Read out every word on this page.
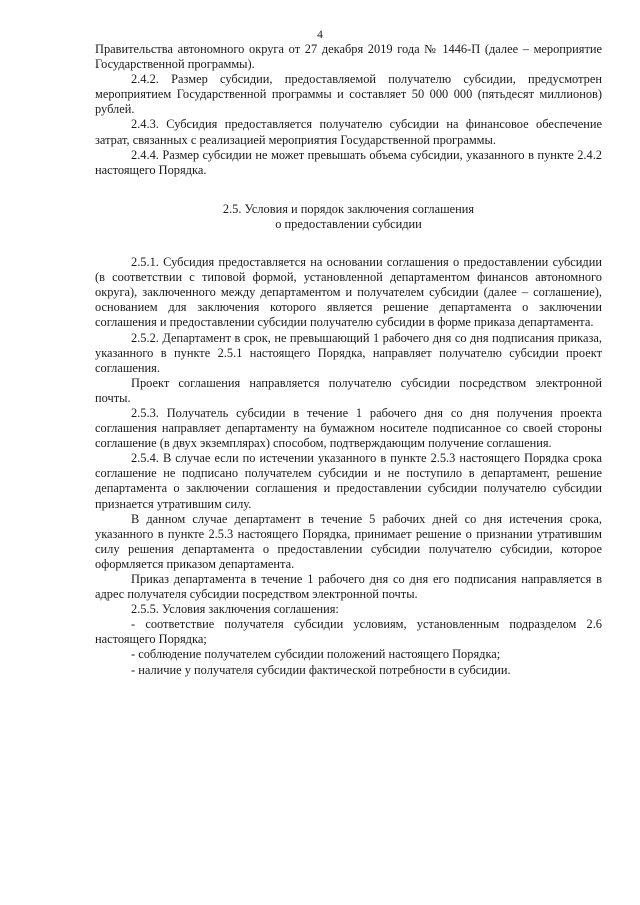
4

Правительства автономного округа от 27 декабря 2019 года № 1446-П (далее – мероприятие Государственной программы).

2.4.2. Размер субсидии, предоставляемой получателю субсидии, предусмотрен мероприятием Государственной программы и составляет 50 000 000 (пятьдесят миллионов) рублей.

2.4.3. Субсидия предоставляется получателю субсидии на финансовое обеспечение затрат, связанных с реализацией мероприятия Государственной программы.

2.4.4. Размер субсидии не может превышать объема субсидии, указанного в пункте 2.4.2 настоящего Порядка.

2.5. Условия и порядок заключения соглашения

о предоставлении субсидии

2.5.1. Субсидия предоставляется на основании соглашения о предоставлении субсидии (в соответствии с типовой формой, установленной департаментом финансов автономного округа), заключенного между департаментом и получателем субсидии (далее – соглашение), основанием для заключения которого является решение департамента о заключении соглашения и предоставлении субсидии получателю субсидии в форме приказа департамента.

2.5.2. Департамент в срок, не превышающий 1 рабочего дня со дня подписания приказа, указанного в пункте 2.5.1 настоящего Порядка, направляет получателю субсидии проект соглашения.

Проект соглашения направляется получателю субсидии посредством электронной почты.

2.5.3. Получатель субсидии в течение 1 рабочего дня со дня получения проекта соглашения направляет департаменту на бумажном носителе подписанное со своей стороны соглашение (в двух экземплярах) способом, подтверждающим получение соглашения.

2.5.4. В случае если по истечении указанного в пункте 2.5.3 настоящего Порядка срока соглашение не подписано получателем субсидии и не поступило в департамент, решение департамента о заключении соглашения и предоставлении субсидии получателю субсидии признается утратившим силу.

В данном случае департамент в течение 5 рабочих дней со дня истечения срока, указанного в пункте 2.5.3 настоящего Порядка, принимает решение о признании утратившим силу решения департамента о предоставлении субсидии получателю субсидии, которое оформляется приказом департамента.

Приказ департамента в течение 1 рабочего дня со дня его подписания направляется в адрес получателя субсидии посредством электронной почты.

2.5.5. Условия заключения соглашения:

- соответствие получателя субсидии условиям, установленным подразделом 2.6 настоящего Порядка;

- соблюдение получателем субсидии положений настоящего Порядка;

- наличие у получателя субсидии фактической потребности в субсидии.
